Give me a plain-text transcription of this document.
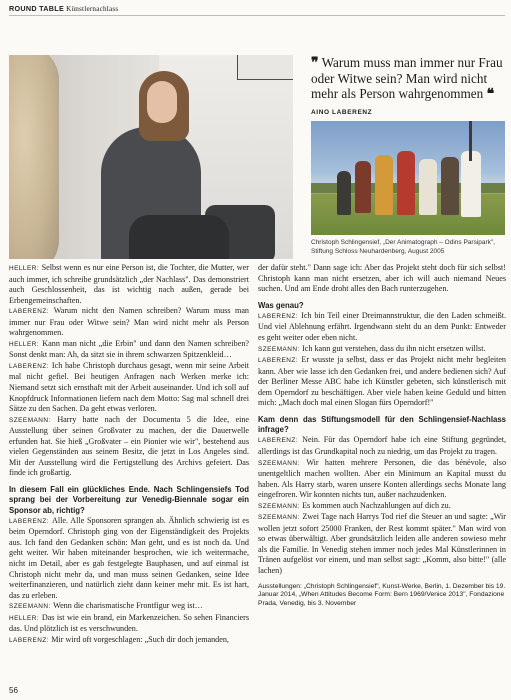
ROUND TABLE Künstlernachlass
❞ Warum muss man immer nur Frau oder Witwe sein? Man wird nicht mehr als Person wahrgenommen ❝ AINO LABERENZ
Christoph Schlingensief, „Der Animatograph – Odins Parsipark", Stiftung Schloss Neuhardenberg, August 2005

HELLER: Selbst wenn es nur eine Person ist, die Tochter, die Mutter, wer auch immer, ich schreibe grundsätzlich „der Nachlass". Das demonstriert auch Geschlossenheit, das ist wichtig nach außen, gerade bei Erbengemeinschaften.

LABERENZ: Warum nicht den Namen schreiben? Warum muss man immer nur Frau oder Witwe sein? Man wird nicht mehr als Person wahrgenommen.

HELLER: Kann man nicht „die Erbin" und dann den Namen schreiben? Sonst denkt man: Ah, da sitzt sie in ihrem schwarzen Spitzenkleid…

LABERENZ: Ich habe Christoph durchaus gesagt, wenn mir seine Arbeit mal nicht gefiel. Bei heutigen Anfragen nach Werken merke ich: Niemand setzt sich ernsthaft mit der Arbeit auseinander. Und ich soll auf Knopfdruck Informationen liefern nach dem Motto: Sag mal schnell drei Sätze zu den Sachen. Da geht etwas verloren.

SZEEMANN: Harry hatte nach der Documenta 5 die Idee, eine Ausstellung über seinen Großvater zu machen, der die Dauerwelle erfunden hat. Sie hieß „Großvater – ein Pionier wie wir", bestehend aus vielen Gegenständen aus seinem Besitz, die jetzt in Los Angeles sind. Mit der Ausstellung wird die Fertigstellung des Archivs gefeiert. Das finde ich großartig.

In diesem Fall ein glückliches Ende. Nach Schlingensiefs Tod sprang bei der Vorbereitung zur Venedig-Biennale sogar ein Sponsor ab, richtig?

LABERENZ: Alle. Alle Sponsoren sprangen ab. Ähnlich schwierig ist es beim Operndorf. Christoph ging von der Eigenständigkeit des Projekts aus. Ich fand den Gedanken schön: Man geht, und es ist noch da. Und geht weiter. Wir haben miteinander besprochen, wie ich weitermache, nicht im Detail, aber es gab festgelegte Bauphasen, und auf einmal ist Christoph nicht mehr da, und man muss seinen Gedanken, seine Idee weiterfinanzieren, und natürlich zieht dann keiner mehr mit. Es ist hart, das zu erleben.

SZEEMANN: Wenn die charismatische Frontfigur weg ist…

HELLER: Das ist wie ein brand, ein Markenzeichen. So sehen Financiers das. Und plötzlich ist es verschwunden.

LABERENZ: Mir wird oft vorgeschlagen: „Such dir doch jemanden,

der dafür steht." Dann sage ich: Aber das Projekt steht doch für sich selbst! Christoph kann man nicht ersetzen, aber ich will auch niemand Neues suchen. Und am Ende droht alles den Bach runterzugehen.

Was genau?

LABERENZ: Ich bin Teil einer Dreimannstruktur, die den Laden schmeißt. Und viel Ablehnung erfährt. Irgendwann steht du an dem Punkt: Entweder es geht weiter oder eben nicht.

SZEEMANN: Ich kann gut verstehen, dass du ihn nicht ersetzen willst.

LABERENZ: Er wusste ja selbst, dass er das Projekt nicht mehr begleiten kann. Aber wie lasse ich den Gedanken frei, und andere bedienen sich? Auf der Berliner Messe ABC habe ich Künstler gebeten, sich künstlerisch mit dem Operndorf zu beschäftigen. Aber viele haben keine Geduld und bitten mich: „Mach doch mal einen Slogan fürs Operndorf!"

Kam denn das Stiftungsmodell für den Schlingensief-Nachlass infrage?

LABERENZ: Nein. Für das Operndorf habe ich eine Stiftung gegründet, allerdings ist das Grundkapital noch zu niedrig, um das Projekt zu tragen.

SZEEMANN: Wir hatten mehrere Personen, die das bénévole, also unentgeltlich machen wollten. Aber ein Minimum an Kapital musst du haben. Als Harry starb, waren unsere Konten allerdings sechs Monate lang eingefroren. Wir konnten nichts tun, außer nachzudenken.

SZEEMANN: Es kommen auch Nachzahlungen auf dich zu.

SZEEMANN: Zwei Tage nach Harrys Tod rief die Steuer an und sagte: „Wir wollen jetzt sofort 25000 Franken, der Rest kommt später." Man wird von so etwas überwältigt. Aber grundsätzlich leiden alle anderen sowieso mehr als die Familie. In Venedig stehen immer noch jedes Mal Künstlerinnen in Tränen aufgelöst vor einem, und man selbst sagt: „Komm, also bitte!" (alle lachen)

Ausstellungen: „Christoph Schlingensief", Kunst-Werke, Berlin, 1. Dezember bis 19. Januar 2014, „When Attitudes Become Form: Bern 1969/Venice 2013", Fondazione Prada, Venedig, bis 3. November

56
